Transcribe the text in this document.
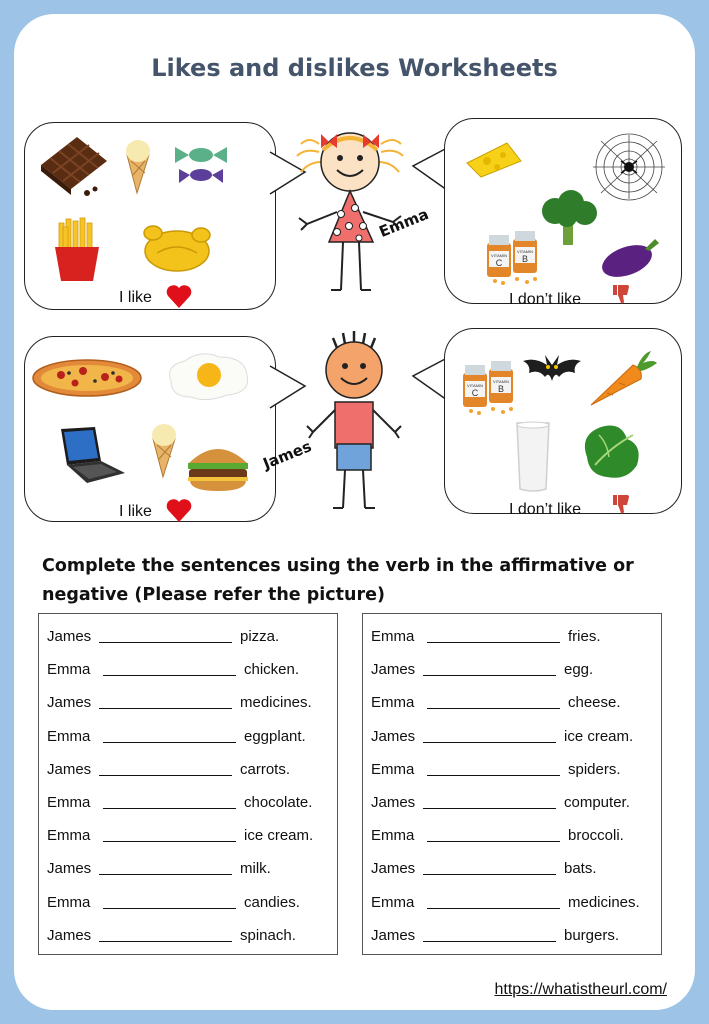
Likes and dislikes Worksheets
I like
Emma
VITAMIN
C
VITAMIN
B
I don’t like
I like
James
VITAMIN
C
VITAMIN
B
I don’t like
Complete the sentences using the verb in the affirmative or negative (Please refer the picture)
James	pizza.
Emma	chicken.
James	medicines.
Emma	eggplant.
James	carrots.
Emma	chocolate.
Emma	ice cream.
James	milk.
Emma	candies.
James	spinach.
Emma	fries.
James	egg.
Emma	cheese.
James	ice cream.
Emma	spiders.
James	computer.
Emma	broccoli.
James	bats.
Emma	medicines.
James	burgers.
https://whatistheurl.com/
